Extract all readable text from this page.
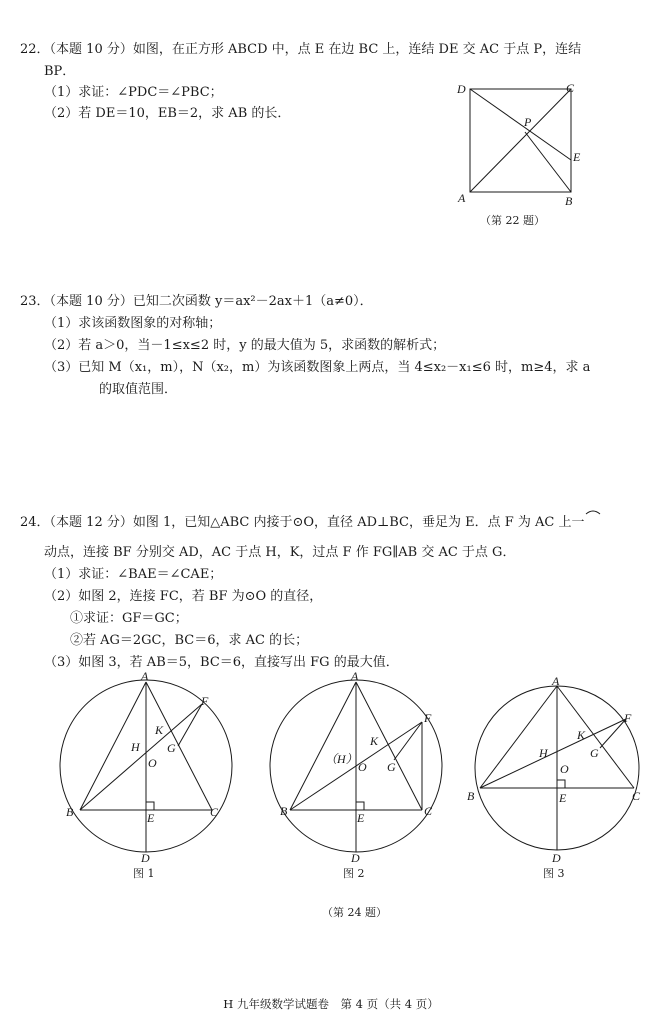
22．（本题 10 分）如图，在正方形 ABCD 中，点 E 在边 BC 上，连结 DE 交 AC 于点 P，连结
BP．
（1）求证：∠PDC＝∠PBC；
（2）若 DE＝10，EB＝2，求 AB 的长．
D	C
P
E
A	B
（第 22 题）
23．（本题 10 分）已知二次函数 y＝ax²－2ax＋1（a≠0）．
（1）求该函数图象的对称轴；
（2）若 a＞0，当－1≤x≤2 时，y 的最大值为 5，求函数的解析式；
（3）已知 M（x₁，m），N（x₂，m）为该函数图象上两点，当 4≤x₂－x₁≤6 时，m≥4，求 a
的取值范围．
24．（本题 12 分）如图 1，已知△ABC 内接于⊙O，直径 AD⊥BC，垂足为 E．点 F 为 AC 上一
动点，连接 BF 分别交 AD，AC 于点 H，K，过点 F 作 FG∥AB 交 AC 于点 G．
（1）求证：∠BAE＝∠CAE；
（2）如图 2，连接 FC，若 BF 为⊙O 的直径，
①求证：GF＝GC；
②若 AG＝2GC，BC＝6，求 AC 的长；
（3）如图 3，若 AB＝5，BC＝6，直接写出 FG 的最大值．
A
F
K
H G
O
B	C
E
D
A
F
K
（H）
O G
B	C
E
D
A
F
K
H	G
O
B	C
E
D
图 1	图 2	图 3
（第 24 题）
H 九年级数学试题卷　第 4 页（共 4 页）
